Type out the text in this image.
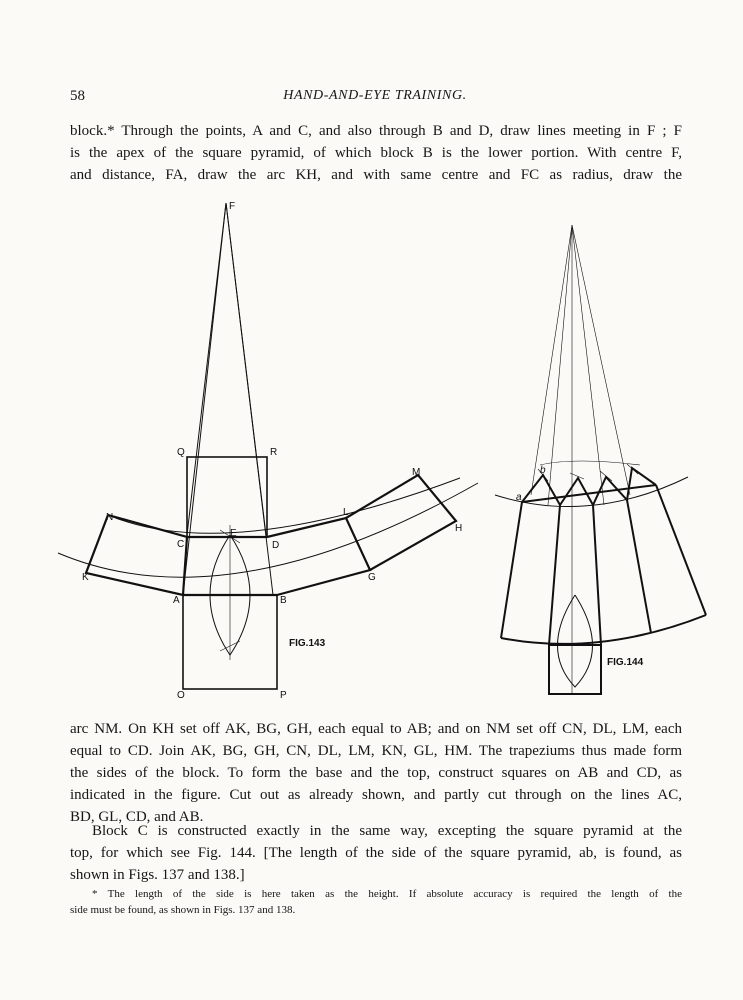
58	HAND-AND-EYE TRAINING.

block.* Through the points, A and C, and also through B and D, draw lines meeting in F ; F
is the apex of the square pyramid, of which block B is the lower portion. With centre F,
and distance, FA, draw the arc KH, and with same centre and FC as radius, draw the

F
Q	R
N
M
L
H
C
E
D
K	G
A	B
O	P
FIG.143
a
b
FIG.144

arc NM. On KH set off AK, BG, GH, each equal to AB; and on NM set off CN, DL, LM, each
equal to CD. Join AK, BG, GH, CN, DL, LM, KN, GL, HM. The trapeziums thus made form
the sides of the block. To form the base and the top, construct squares on AB and CD, as
indicated in the figure. Cut out as already shown, and partly cut through on the lines AC,
BD, GL, CD, and AB.

Block C is constructed exactly in the same way, excepting the square pyramid at the
top, for which see Fig. 144. [The length of the side of the square pyramid, ab, is found, as
shown in Figs. 137 and 138.]

* The length of the side is here taken as the height. If absolute accuracy is required the length of the
side must be found, as shown in Figs. 137 and 138.
